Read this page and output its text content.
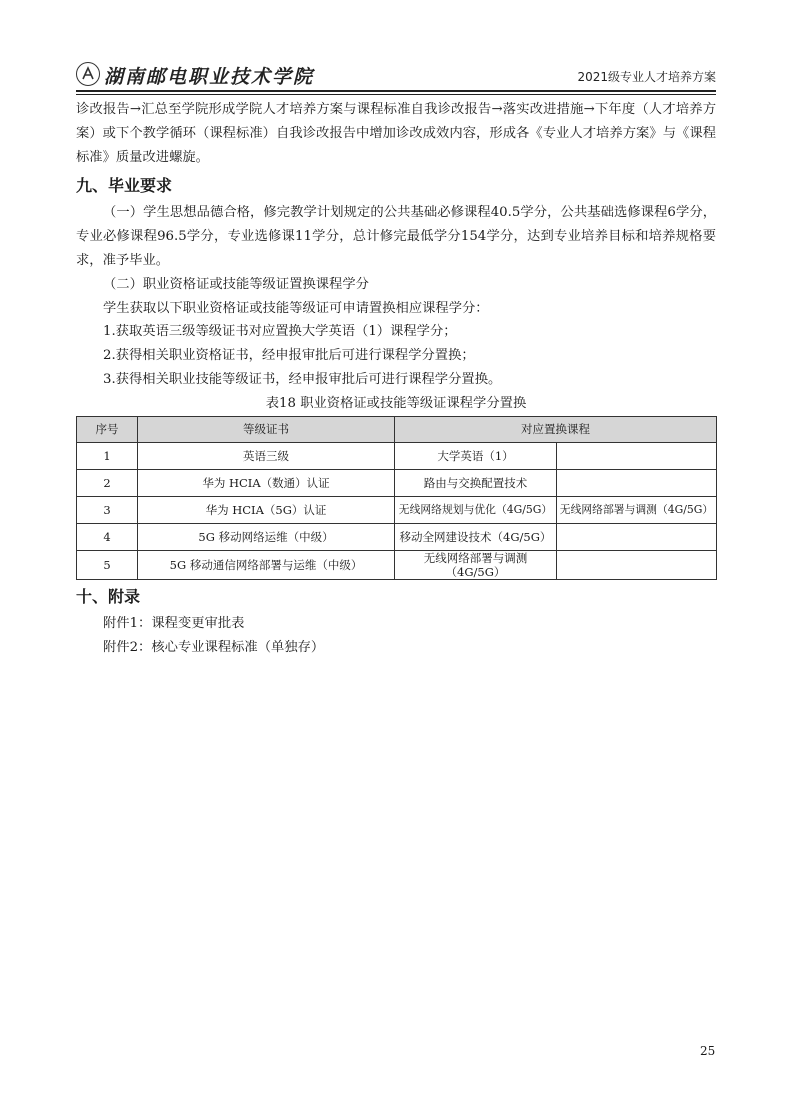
湖南邮电职业技术学院	2021级专业人才培养方案

诊改报告→汇总至学院形成学院人才培养方案与课程标准自我诊改报告→落实改进措施→下年度（人才培养方案）或下个教学循环（课程标准）自我诊改报告中增加诊改成效内容，形成各《专业人才培养方案》与《课程标准》质量改进螺旋。

九、毕业要求

（一）学生思想品德合格，修完教学计划规定的公共基础必修课程40.5学分，公共基础选修课程6学分，专业必修课程96.5学分，专业选修课11学分，总计修完最低学分154学分，达到专业培养目标和培养规格要求，准予毕业。

（二）职业资格证或技能等级证置换课程学分

学生获取以下职业资格证或技能等级证可申请置换相应课程学分：

1.获取英语三级等级证书对应置换大学英语（1）课程学分；

2.获得相关职业资格证书，经申报审批后可进行课程学分置换；

3.获得相关职业技能等级证书，经申报审批后可进行课程学分置换。

表18 职业资格证或技能等级证课程学分置换
序号	等级证书	对应置换课程	
1	英语三级	大学英语（1）	
2	华为 HCIA（数通）认证	路由与交换配置技术	
3	华为 HCIA（5G）认证	无线网络规划与优化（4G/5G）	无线网络部署与调测（4G/5G）
4	5G 移动网络运维（中级）	移动全网建设技术（4G/5G）	
5	5G 移动通信网络部署与运维（中级）	无线网络部署与调测（4G/5G）	
十、附录

附件1：课程变更审批表

附件2：核心专业课程标准（单独存）

25
